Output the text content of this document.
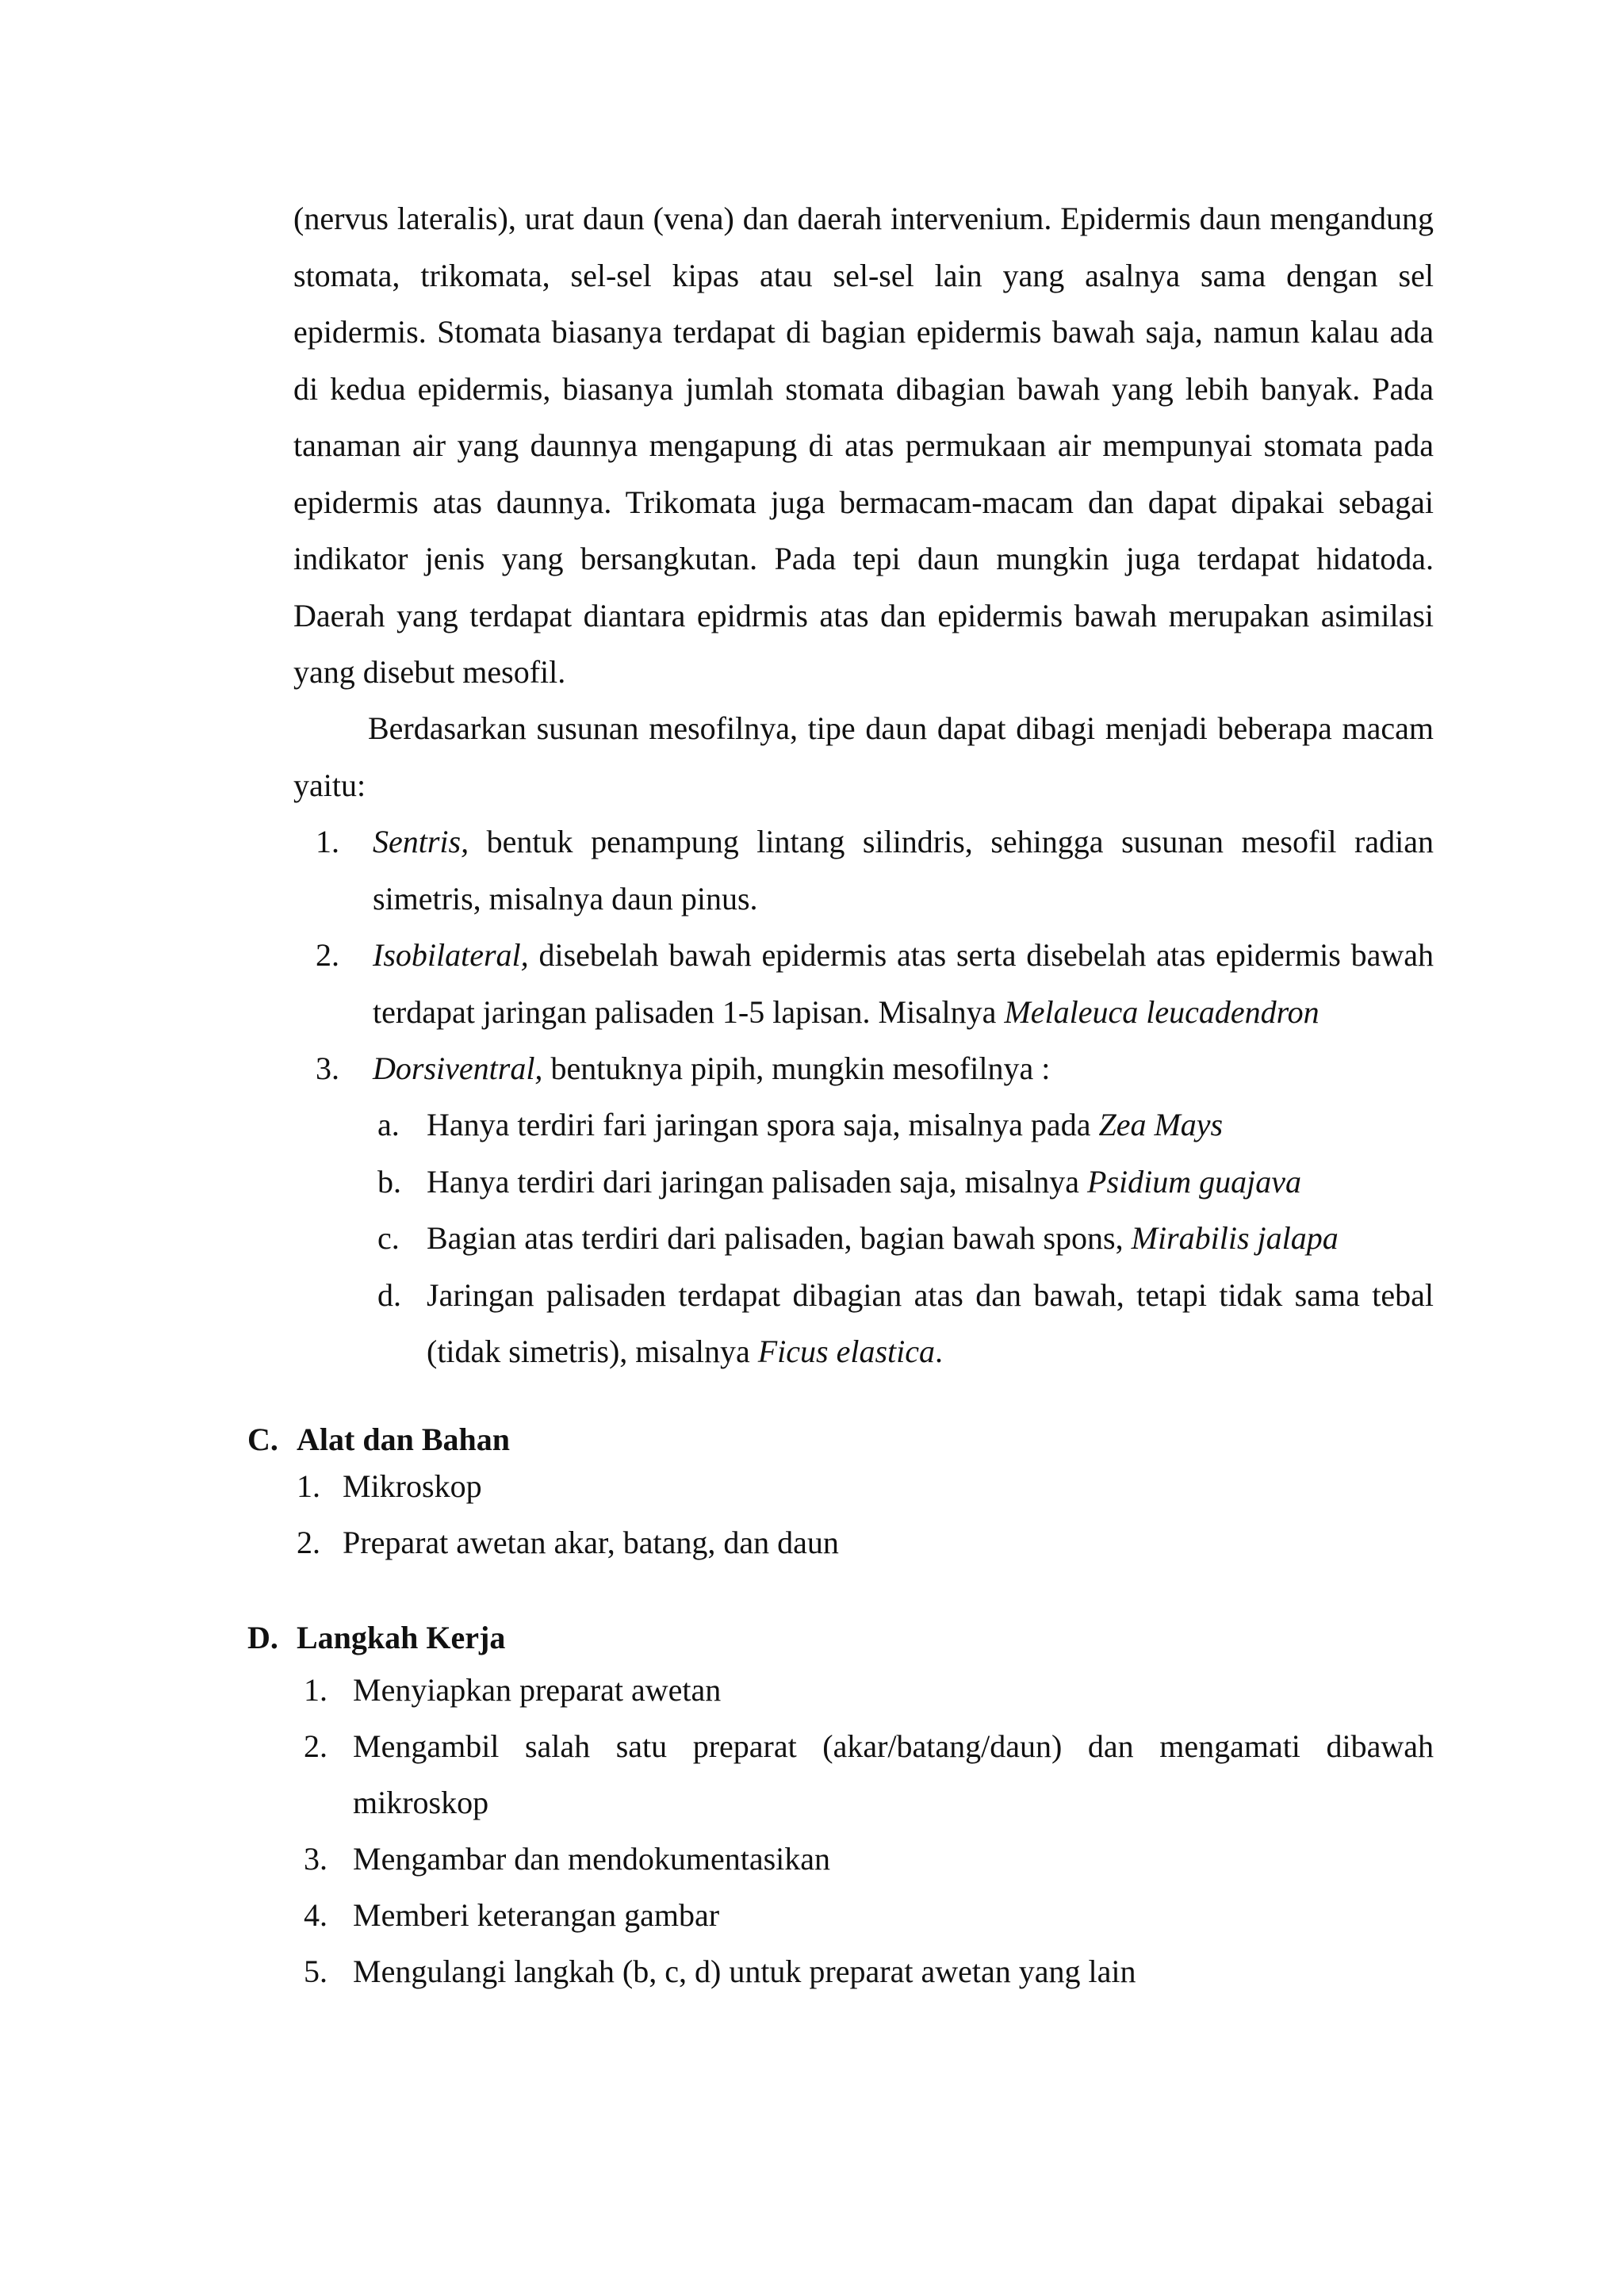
(nervus lateralis), urat daun (vena) dan daerah intervenium. Epidermis daun mengandung stomata, trikomata, sel-sel kipas atau sel-sel lain yang asalnya sama dengan sel epidermis. Stomata biasanya terdapat di bagian epidermis bawah saja, namun kalau ada di kedua epidermis, biasanya jumlah stomata dibagian bawah yang lebih banyak. Pada tanaman air yang daunnya mengapung di atas permukaan air mempunyai stomata pada epidermis atas daunnya. Trikomata juga bermacam-macam dan dapat dipakai sebagai indikator jenis yang bersangkutan. Pada tepi daun mungkin juga terdapat hidatoda. Daerah yang terdapat diantara epidrmis atas dan epidermis bawah merupakan asimilasi yang disebut mesofil.

Berdasarkan susunan mesofilnya, tipe daun dapat dibagi menjadi beberapa macam yaitu:

1. Sentris, bentuk penampung lintang silindris, sehingga susunan mesofil radian simetris, misalnya daun pinus.
2. Isobilateral, disebelah bawah epidermis atas serta disebelah atas epidermis bawah terdapat jaringan palisaden 1-5 lapisan. Misalnya Melaleuca leucadendron
3. Dorsiventral, bentuknya pipih, mungkin mesofilnya :
a. Hanya terdiri fari jaringan spora saja, misalnya pada Zea Mays
b. Hanya terdiri dari jaringan palisaden saja, misalnya Psidium guajava
c. Bagian atas terdiri dari palisaden, bagian bawah spons, Mirabilis jalapa
d. Jaringan palisaden terdapat dibagian atas dan bawah, tetapi tidak sama tebal (tidak simetris), misalnya Ficus elastica.
C. Alat dan Bahan
1. Mikroskop
2. Preparat awetan akar, batang, dan daun
D. Langkah Kerja
1. Menyiapkan preparat awetan
2. Mengambil salah satu preparat (akar/batang/daun) dan mengamati dibawah mikroskop
3. Mengambar dan mendokumentasikan
4. Memberi keterangan gambar
5. Mengulangi langkah (b, c, d) untuk preparat awetan yang lain
